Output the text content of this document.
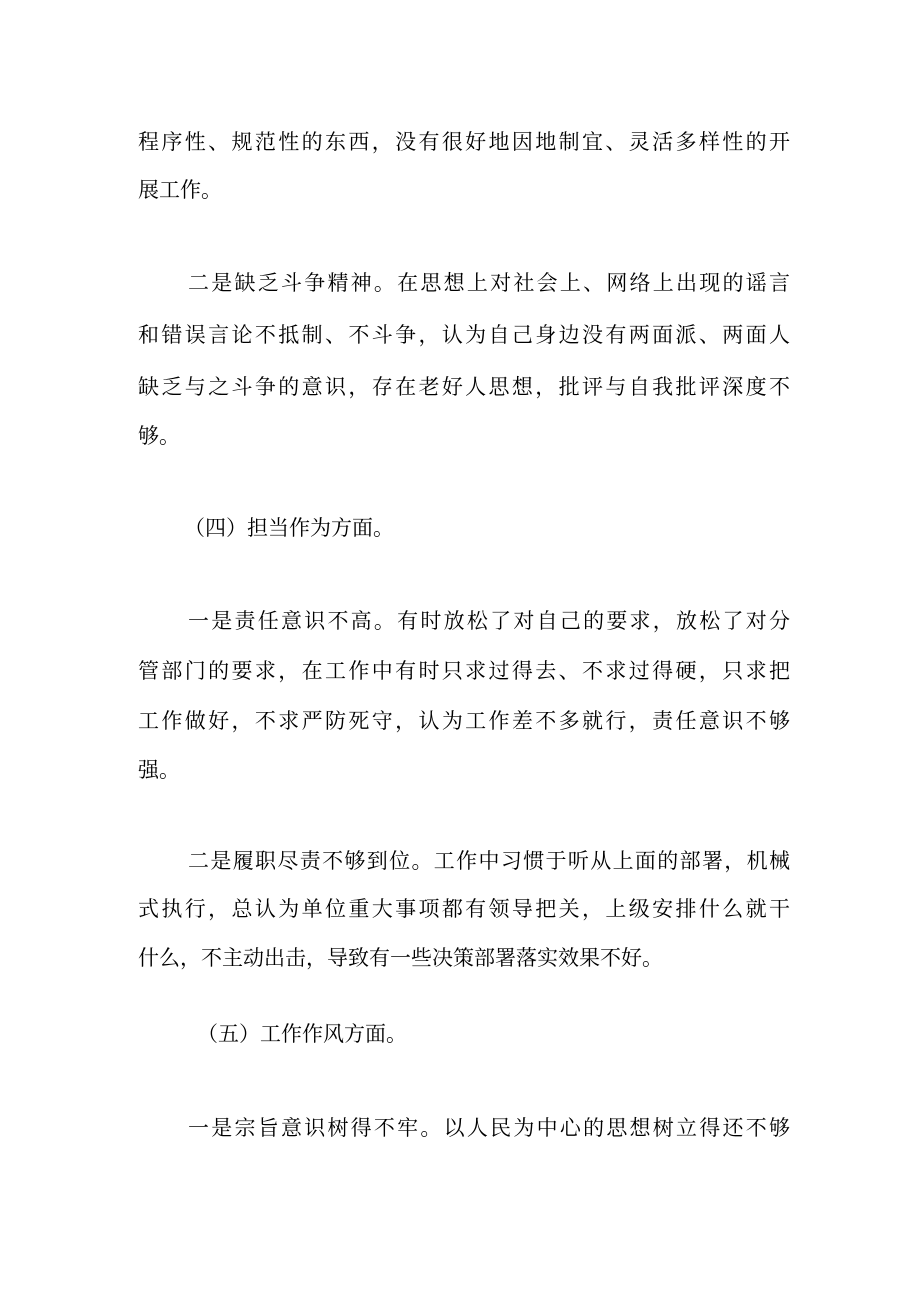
程序性、规范性的东西，没有很好地因地制宜、灵活多样性的开
展工作。
二是缺乏斗争精神。在思想上对社会上、网络上出现的谣言
和错误言论不抵制、不斗争，认为自己身边没有两面派、两面人
缺乏与之斗争的意识，存在老好人思想，批评与自我批评深度不
够。
（四）担当作为方面。
一是责任意识不高。有时放松了对自己的要求，放松了对分
管部门的要求，在工作中有时只求过得去、不求过得硬，只求把
工作做好，不求严防死守，认为工作差不多就行，责任意识不够
强。
二是履职尽责不够到位。工作中习惯于听从上面的部署，机械
式执行，总认为单位重大事项都有领导把关，上级安排什么就干
什么，不主动出击，导致有一些决策部署落实效果不好。
（五）工作作风方面。
一是宗旨意识树得不牢。以人民为中心的思想树立得还不够
